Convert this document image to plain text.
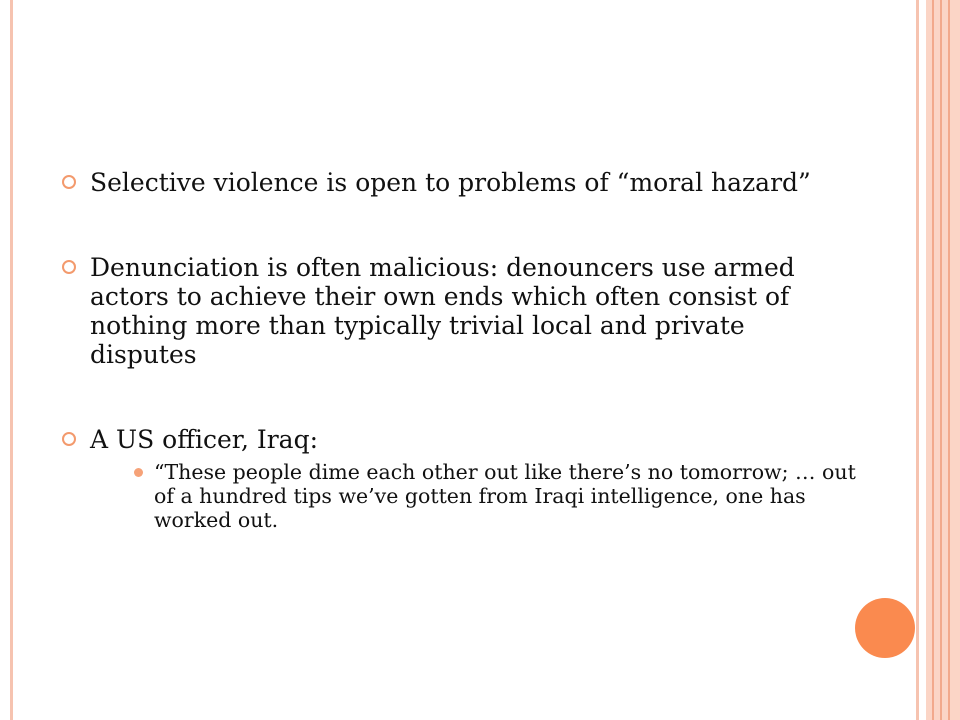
Selective violence is open to problems of “moral hazard”
Denunciation is often malicious: denouncers use armed actors to achieve their own ends which often consist of nothing more than typically trivial local and private disputes
A US officer, Iraq:
“These people dime each other out like there’s no tomorrow; … out of a hundred tips we’ve gotten from Iraqi intelligence, one has worked out.
